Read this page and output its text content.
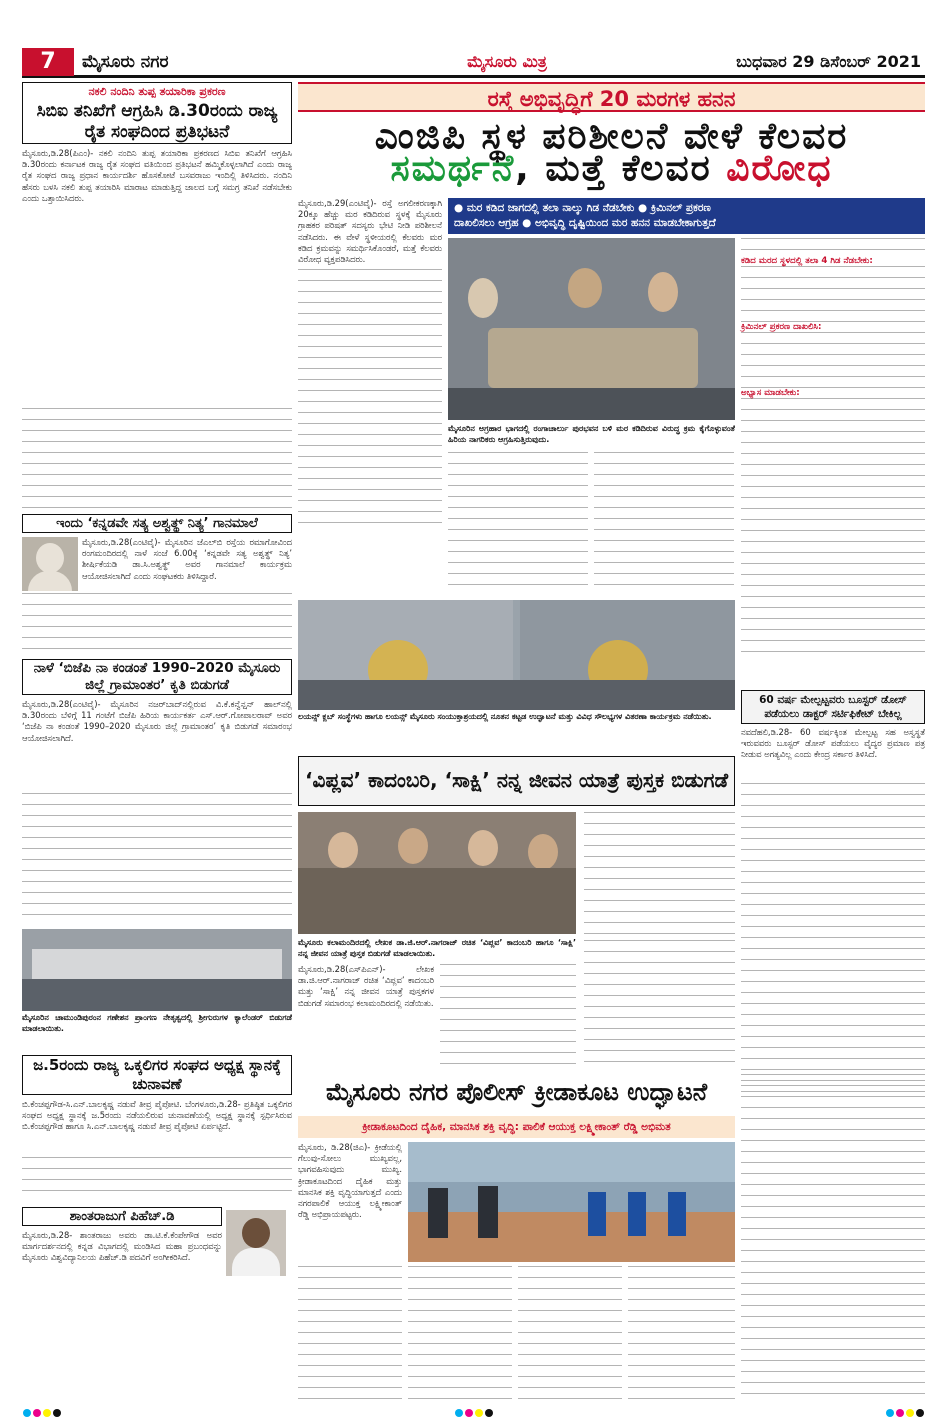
7 ಮೈಸೂರು ನಗರ	ಮೈಸೂರು ಮಿತ್ರ	ಬುಧವಾರ 29 ಡಿಸೆಂಬರ್ 2021
ನಕಲಿ ನಂದಿನಿ ತುಪ್ಪ ತಯಾರಿಕಾ ಪ್ರಕರಣ
ಸಿಬಿಐ ತನಿಖೆಗೆ ಆಗ್ರಹಿಸಿ ಡಿ.30ರಂದು ರಾಜ್ಯ ರೈತ ಸಂಘದಿಂದ ಪ್ರತಿಭಟನೆ
ಮೈಸೂರು,ಡಿ.28(ಪಿಎಂ)- ನಕಲಿ ನಂದಿನಿ ತುಪ್ಪ ತಯಾರಿಕಾ ಪ್ರಕರಣದ ಸಿಬಿಐ ತನಿಖೆಗೆ ಆಗ್ರಹಿಸಿ ಡಿ.30ರಂದು ಕರ್ನಾಟಕ ರಾಜ್ಯ ರೈತ ಸಂಘದ ವತಿಯಿಂದ ಪ್ರತಿಭಟನೆ ಹಮ್ಮಿಕೊಳ್ಳಲಾಗಿದೆ ಎಂದು ರಾಜ್ಯ ರೈತ ಸಂಘದ ರಾಜ್ಯ ಪ್ರಧಾನ ಕಾರ್ಯದರ್ಶಿ ಹೊಸಕೋಟೆ ಬಸವರಾಜು ಇಂದಿಲ್ಲಿ ತಿಳಿಸಿದರು. ನಂದಿನಿ ಹೆಸರು ಬಳಸಿ ನಕಲಿ ತುಪ್ಪ ತಯಾರಿಸಿ ಮಾರಾಟ ಮಾಡುತ್ತಿದ್ದ ಜಾಲದ ಬಗ್ಗೆ ಸಮಗ್ರ ತನಿಖೆ ನಡೆಸಬೇಕು ಎಂದು ಒತ್ತಾಯಿಸಿದರು.
ಇಂದು ‘ಕನ್ನಡವೇ ಸತ್ಯ ಅಶ್ವತ್ಥ್ ನಿತ್ಯ’ ಗಾನಮಾಲೆ
ಮೈಸೂರು,ಡಿ.28(ಎಂಟಿವೈ)- ಮೈಸೂರಿನ ಜೆಎಲ್‌ಬಿ ರಸ್ತೆಯ ರಮಾಗೋವಿಂದ ರಂಗಮಂದಿರದಲ್ಲಿ ನಾಳೆ ಸಂಜೆ 6.00ಕ್ಕೆ ‘ಕನ್ನಡವೇ ಸತ್ಯ ಅಶ್ವತ್ಥ್ ನಿತ್ಯ’ ಶೀರ್ಷಿಕೆಯಡಿ ಡಾ.ಸಿ.ಅಶ್ವತ್ಥ್ ಅವರ ಗಾನಮಾಲೆ ಕಾರ್ಯಕ್ರಮ ಆಯೋಜಿಸಲಾಗಿದೆ ಎಂದು ಸಂಘಟಕರು ತಿಳಿಸಿದ್ದಾರೆ.
ನಾಳೆ ‘ಬಿಜೆಪಿ ನಾ ಕಂಡಂತೆ 1990–2020 ಮೈಸೂರು ಜಿಲ್ಲೆ ಗ್ರಾಮಾಂತರ’ ಕೃತಿ ಬಿಡುಗಡೆ
ಮೈಸೂರು,ಡಿ.28(ಎಂಟಿವೈ)- ಮೈಸೂರಿನ ನಜರ್‌ಬಾದ್‌ನಲ್ಲಿರುವ ವಿ.ಕೆ.ಕನ್ವೆನ್ಷನ್ ಹಾಲ್‌ನಲ್ಲಿ ಡಿ.30ರಂದು ಬೆಳಿಗ್ಗೆ 11 ಗಂಟೆಗೆ ಬಿಜೆಪಿ ಹಿರಿಯ ಕಾರ್ಯಕರ್ತ ಎಸ್.ಆರ್.ಗೋಪಾಲರಾವ್ ಅವರ ‘ಬಿಜೆಪಿ ನಾ ಕಂಡಂತೆ 1990–2020 ಮೈಸೂರು ಜಿಲ್ಲೆ ಗ್ರಾಮಾಂತರ’ ಕೃತಿ ಬಿಡುಗಡೆ ಸಮಾರಂಭ ಆಯೋಜಿಸಲಾಗಿದೆ.
ಮೈಸೂರಿನ ಚಾಮುಂಡಿಪುರಂನ ಗಣೇಶನ ಪ್ರಾಂಗಣ ನೇತೃತ್ವದಲ್ಲಿ ಶ್ರೀಗುರುಗಳ ಕ್ಯಾಲೆಂಡರ್ ಬಿಡುಗಡೆ ಮಾಡಲಾಯಿತು.
ಜ.5ರಂದು ರಾಜ್ಯ ಒಕ್ಕಲಿಗರ ಸಂಘದ ಅಧ್ಯಕ್ಷ ಸ್ಥಾನಕ್ಕೆ ಚುನಾವಣೆ
ಬಿ.ಕೆಂಚಪ್ಪಗೌಡ-ಸಿ.ಎನ್.ಬಾಲಕೃಷ್ಣ ನಡುವೆ ತೀವ್ರ ಪೈಪೋಟಿ. ಬೆಂಗಳೂರು,ಡಿ.28- ಪ್ರತಿಷ್ಠಿತ ಒಕ್ಕಲಿಗರ ಸಂಘದ ಅಧ್ಯಕ್ಷ ಸ್ಥಾನಕ್ಕೆ ಜ.5ರಂದು ನಡೆಯಲಿರುವ ಚುನಾವಣೆಯಲ್ಲಿ ಅಧ್ಯಕ್ಷ ಸ್ಥಾನಕ್ಕೆ ಸ್ಪರ್ಧಿಸಿರುವ ಬಿ.ಕೆಂಚಪ್ಪಗೌಡ ಹಾಗೂ ಸಿ.ಎನ್.ಬಾಲಕೃಷ್ಣ ನಡುವೆ ತೀವ್ರ ಪೈಪೋಟಿ ಏರ್ಪಟ್ಟಿದೆ.
ಶಾಂತರಾಜುಗೆ ಪಿಹೆಚ್.ಡಿ
ಮೈಸೂರು,ಡಿ.28- ಶಾಂತರಾಜು ಅವರು ಡಾ.ಟಿ.ಕೆ.ಕೆಂಪೇಗೌಡ ಅವರ ಮಾರ್ಗದರ್ಶನದಲ್ಲಿ ಕನ್ನಡ ವಿಭಾಗದಲ್ಲಿ ಮಂಡಿಸಿದ ಮಹಾ ಪ್ರಬಂಧವನ್ನು ಮೈಸೂರು ವಿಶ್ವವಿದ್ಯಾನಿಲಯ ಪಿಹೆಚ್.ಡಿ ಪದವಿಗೆ ಅಂಗೀಕರಿಸಿದೆ.
ರಸ್ತೆ ಅಭಿವೃದ್ಧಿಗೆ 20 ಮರಗಳ ಹನನ
ಎಂಜಿಪಿ ಸ್ಥಳ ಪರಿಶೀಲನೆ ವೇಳೆ ಕೆಲವರ
ಸಮರ್ಥನೆ, ಮತ್ತೆ ಕೆಲವರ ವಿರೋಧ
ಮೈಸೂರು,ಡಿ.29(ಎಂಟಿವೈ)- ರಸ್ತೆ ಅಗಲೀಕರಣಕ್ಕಾಗಿ 20ಕ್ಕೂ ಹೆಚ್ಚು ಮರ ಕಡಿದಿರುವ ಸ್ಥಳಕ್ಕೆ ಮೈಸೂರು ಗ್ರಾಹಕರ ಪರಿಷತ್ ಸದಸ್ಯರು ಭೇಟಿ ನೀಡಿ ಪರಿಶೀಲನೆ ನಡೆಸಿದರು. ಈ ವೇಳೆ ಸ್ಥಳೀಯರಲ್ಲಿ ಕೆಲವರು ಮರ ಕಡಿದ ಕ್ರಮವನ್ನು ಸಮರ್ಥಿಸಿಕೊಂಡರೆ, ಮತ್ತೆ ಕೆಲವರು ವಿರೋಧ ವ್ಯಕ್ತಪಡಿಸಿದರು.
● ಮರ ಕಡಿದ ಜಾಗದಲ್ಲಿ ತಲಾ ನಾಲ್ಕು ಗಿಡ ನೆಡಬೇಕು ● ಕ್ರಿಮಿನಲ್ ಪ್ರಕರಣ
ದಾಖಲಿಸಲು ಆಗ್ರಹ ● ಅಭಿವೃದ್ಧಿ ದೃಷ್ಟಿಯಿಂದ ಮರ ಹನನ ಮಾಡಬೇಕಾಗುತ್ತದೆ
ಮೈಸೂರಿನ ಅಗ್ರಹಾರ ಭಾಗದಲ್ಲಿ ರಂಗಾಚಾರ್ಲು ಪುರಭವನ ಬಳಿ ಮರ ಕಡಿದಿರುವ ವಿರುದ್ಧ ಕ್ರಮ ಕೈಗೊಳ್ಳುವಂತೆ ಹಿರಿಯ ನಾಗರಿಕರು ಆಗ್ರಹಿಸುತ್ತಿರುವುದು.
ಕಡಿದ ಮರದ ಸ್ಥಳದಲ್ಲಿ ತಲಾ 4 ಗಿಡ ನೆಡಬೇಕು:
ಕ್ರಿಮಿನಲ್ ಪ್ರಕರಣ ದಾಖಲಿಸಿ:
ಅಭ್ಯಾಸ ಮಾಡಬೇಕು:
ಲಯನ್ಸ್ ಕ್ಲಬ್ ಸಂಸ್ಥೆಗಳು ಹಾಗೂ ಲಯನ್ಸ್ ಮೈಸೂರು ಸಂಯುಕ್ತಾಶ್ರಯದಲ್ಲಿ ನೂತನ ಕಟ್ಟಡ ಉದ್ಘಾಟನೆ ಮತ್ತು ವಿವಿಧ ಸೌಲಭ್ಯಗಳ ವಿತರಣಾ ಕಾರ್ಯಕ್ರಮ ನಡೆಯಿತು.
60 ವರ್ಷ ಮೇಲ್ಪಟ್ಟವರು ಬೂಸ್ಟರ್ ಡೋಸ್ ಪಡೆಯಲು ಡಾಕ್ಟರ್ ಸರ್ಟಿಫಿಕೇಟ್ ಬೇಕಿಲ್ಲ
ನವದೆಹಲಿ,ಡಿ.28- 60 ವರ್ಷಕ್ಕಿಂತ ಮೇಲ್ಪಟ್ಟ ಸಹ ಅಸ್ವಸ್ಥತೆ ಇರುವವರು ಬೂಸ್ಟರ್ ಡೋಸ್ ಪಡೆಯಲು ವೈದ್ಯರ ಪ್ರಮಾಣ ಪತ್ರ ನೀಡುವ ಅಗತ್ಯವಿಲ್ಲ ಎಂದು ಕೇಂದ್ರ ಸರ್ಕಾರ ತಿಳಿಸಿದೆ.
‘ವಿಪ್ಲವ’ ಕಾದಂಬರಿ, ‘ಸಾಕ್ಷಿ’ ನನ್ನ ಜೀವನ ಯಾತ್ರೆ ಪುಸ್ತಕ ಬಿಡುಗಡೆ
ಮೈಸೂರು ಕಲಾಮಂದಿರದಲ್ಲಿ ಲೇಖಕ ಡಾ.ಜಿ.ಆರ್.ನಾಗರಾಜ್ ರಚಿತ ‘ವಿಪ್ಲವ’ ಕಾದಂಬರಿ ಹಾಗೂ ‘ಸಾಕ್ಷಿ’ ನನ್ನ ಜೀವನ ಯಾತ್ರೆ ಪುಸ್ತಕ ಬಿಡುಗಡೆ ಮಾಡಲಾಯಿತು.
ಮೈಸೂರು,ಡಿ.28(ಎಸ್‌ಪಿಎನ್)- ಲೇಖಕ ಡಾ.ಜಿ.ಆರ್.ನಾಗರಾಜ್ ರಚಿತ ‘ವಿಪ್ಲವ’ ಕಾದಂಬರಿ ಮತ್ತು ‘ಸಾಕ್ಷಿ’ ನನ್ನ ಜೀವನ ಯಾತ್ರೆ ಪುಸ್ತಕಗಳ ಬಿಡುಗಡೆ ಸಮಾರಂಭ ಕಲಾಮಂದಿರದಲ್ಲಿ ನಡೆಯಿತು.
ಮೈಸೂರು ನಗರ ಪೊಲೀಸ್ ಕ್ರೀಡಾಕೂಟ ಉದ್ಘಾಟನೆ
ಕ್ರೀಡಾಕೂಟದಿಂದ ದೈಹಿಕ, ಮಾನಸಿಕ ಶಕ್ತಿ ವೃದ್ಧಿ: ಪಾಲಿಕೆ ಆಯುಕ್ತ ಲಕ್ಷ್ಮೀಕಾಂತ್ ರೆಡ್ಡಿ ಅಭಿಮತ
ಮೈಸೂರು, ಡಿ.28(ಜಿಎ)- ಕ್ರೀಡೆಯಲ್ಲಿ ಗೆಲುವು-ಸೋಲು ಮುಖ್ಯವಲ್ಲ, ಭಾಗವಹಿಸುವುದು ಮುಖ್ಯ. ಕ್ರೀಡಾಕೂಟದಿಂದ ದೈಹಿಕ ಮತ್ತು ಮಾನಸಿಕ ಶಕ್ತಿ ವೃದ್ಧಿಯಾಗುತ್ತದೆ ಎಂದು ನಗರಪಾಲಿಕೆ ಆಯುಕ್ತ ಲಕ್ಷ್ಮೀಕಾಂತ್ ರೆಡ್ಡಿ ಅಭಿಪ್ರಾಯಪಟ್ಟರು.
